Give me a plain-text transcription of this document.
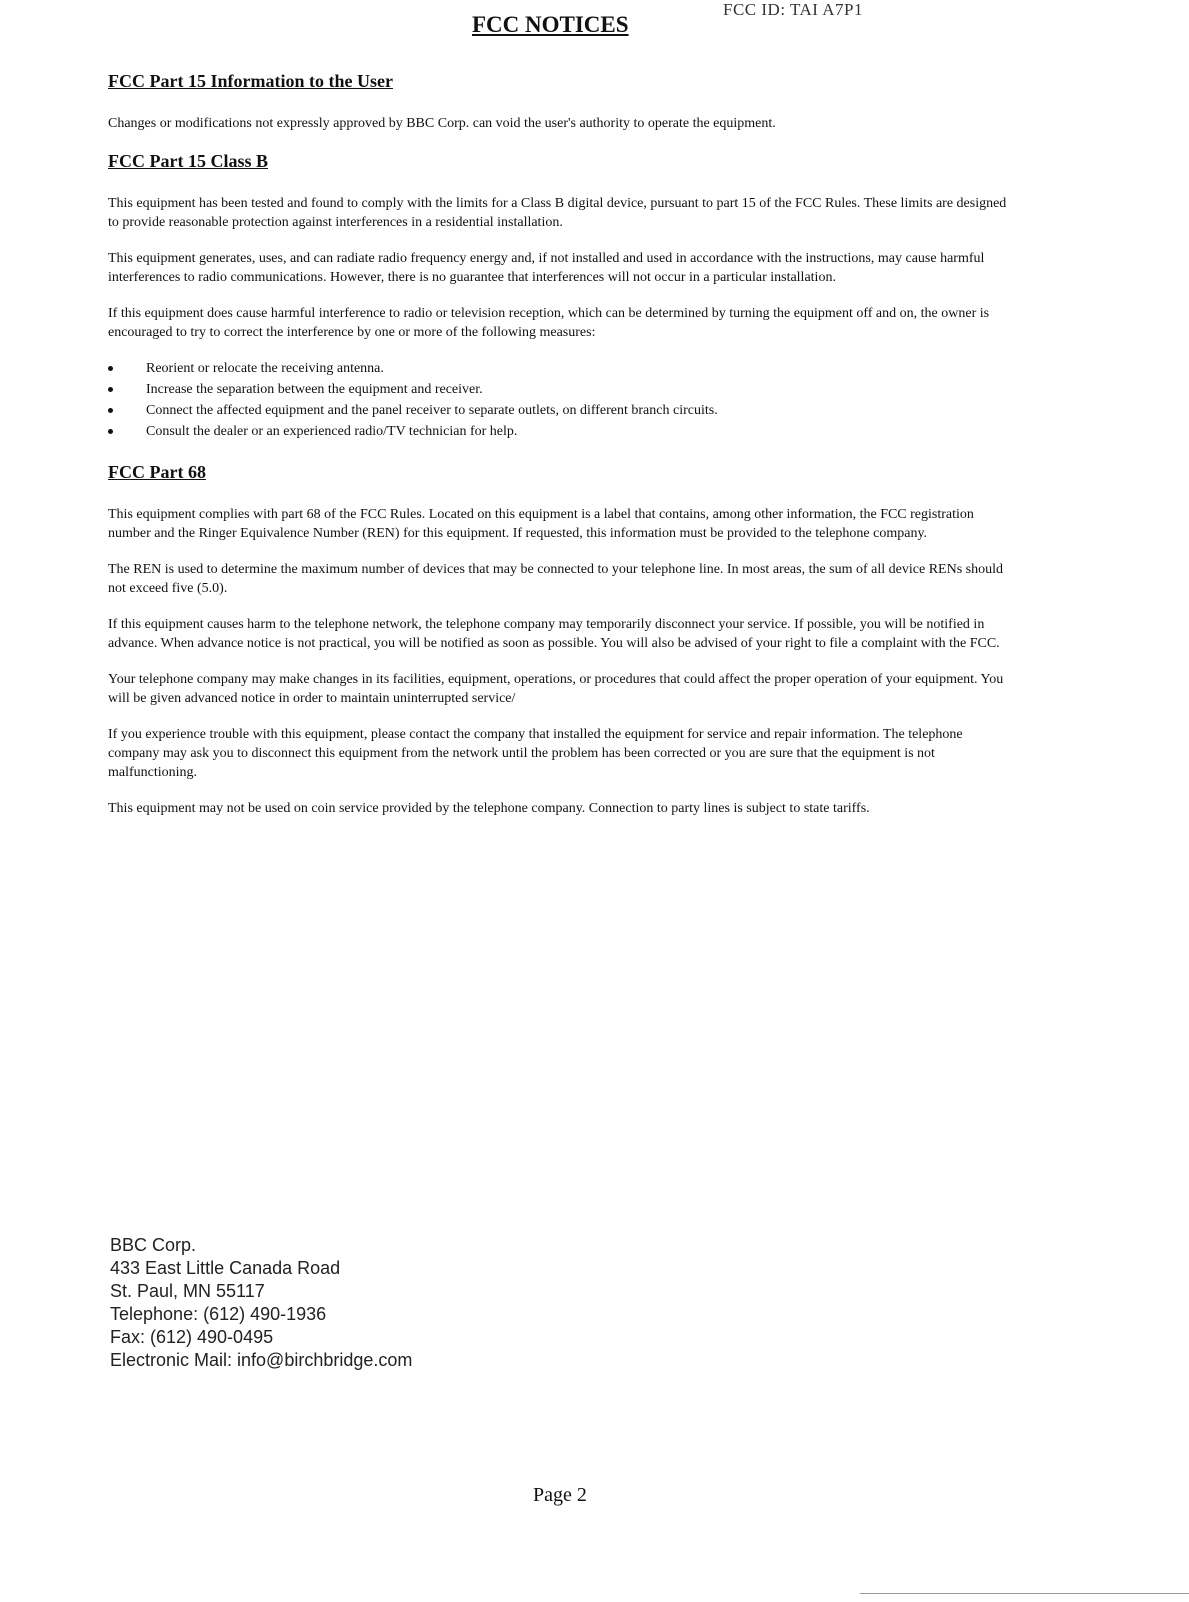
FCC ID: TAI A7P1
FCC NOTICES
FCC Part 15 Information to the User

Changes or modifications not expressly approved by BBC Corp. can void the user's authority to operate the equipment.

FCC Part 15 Class B

This equipment has been tested and found to comply with the limits for a Class B digital device, pursuant to part 15 of the FCC Rules. These limits are designed to provide reasonable protection against interferences in a residential installation.

This equipment generates, uses, and can radiate radio frequency energy and, if not installed and used in accordance with the instructions, may cause harmful interferences to radio communications. However, there is no guarantee that interferences will not occur in a particular installation.

If this equipment does cause harmful interference to radio or television reception, which can be determined by turning the equipment off and on, the owner is encouraged to try to correct the interference by one or more of the following measures:

Reorient or relocate the receiving antenna.
Increase the separation between the equipment and receiver.
Connect the affected equipment and the panel receiver to separate outlets, on different branch circuits.
Consult the dealer or an experienced radio/TV technician for help.
FCC Part 68

This equipment complies with part 68 of the FCC Rules. Located on this equipment is a label that contains, among other information, the FCC registration number and the Ringer Equivalence Number (REN) for this equipment. If requested, this information must be provided to the telephone company.

The REN is used to determine the maximum number of devices that may be connected to your telephone line. In most areas, the sum of all device RENs should not exceed five (5.0).

If this equipment causes harm to the telephone network, the telephone company may temporarily disconnect your service. If possible, you will be notified in advance. When advance notice is not practical, you will be notified as soon as possible. You will also be advised of your right to file a complaint with the FCC.

Your telephone company may make changes in its facilities, equipment, operations, or procedures that could affect the proper operation of your equipment. You will be given advanced notice in order to maintain uninterrupted service/

If you experience trouble with this equipment, please contact the company that installed the equipment for service and repair information. The telephone company may ask you to disconnect this equipment from the network until the problem has been corrected or you are sure that the equipment is not malfunctioning.

This equipment may not be used on coin service provided by the telephone company. Connection to party lines is subject to state tariffs.

BBC Corp.
433 East Little Canada Road
St. Paul, MN 55117
Telephone: (612) 490-1936
Fax: (612) 490-0495
Electronic Mail: info@birchbridge.com
Page 2
